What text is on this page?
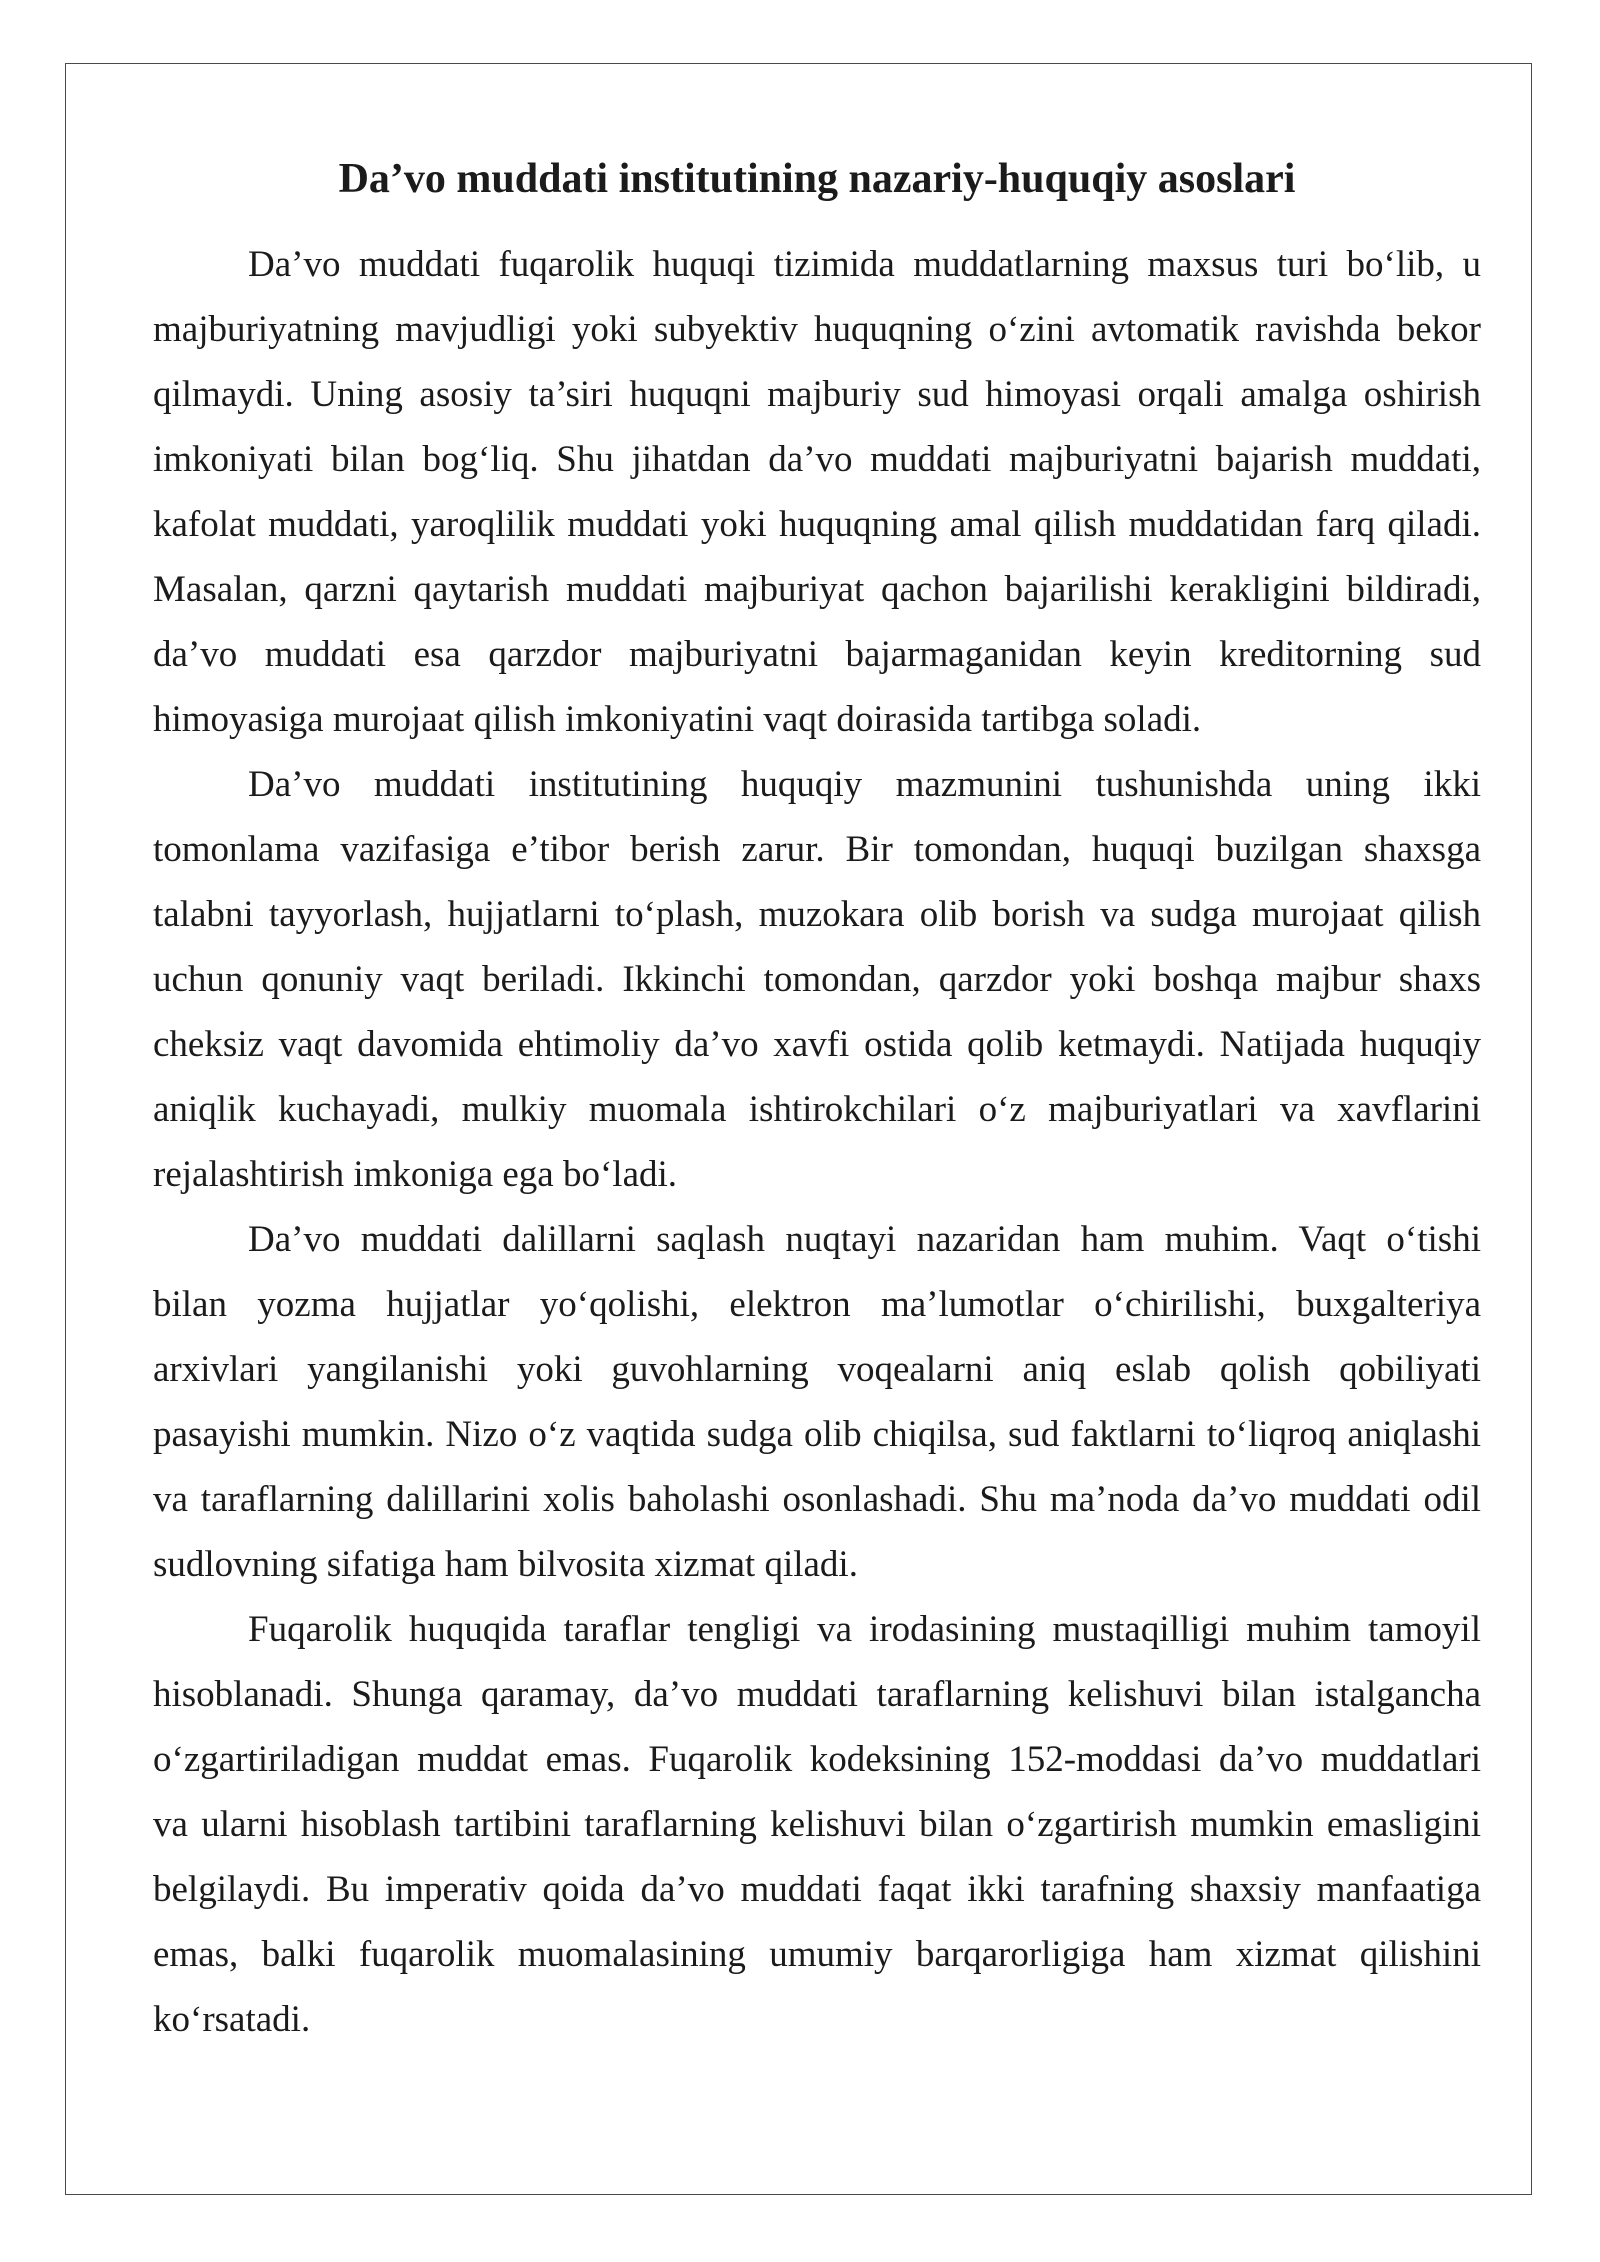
Da’vo muddati institutining nazariy-huquqiy asoslari
Da’vo muddati fuqarolik huquqi tizimida muddatlarning maxsus turi bo‘lib, u
majburiyatning mavjudligi yoki subyektiv huquqning o‘zini avtomatik ravishda bekor
qilmaydi. Uning asosiy ta’siri huquqni majburiy sud himoyasi orqali amalga oshirish
imkoniyati bilan bog‘liq. Shu jihatdan da’vo muddati majburiyatni bajarish muddati,
kafolat muddati, yaroqlilik muddati yoki huquqning amal qilish muddatidan farq qiladi.
Masalan, qarzni qaytarish muddati majburiyat qachon bajarilishi kerakligini bildiradi,
da’vo muddati esa qarzdor majburiyatni bajarmaganidan keyin kreditorning sud
himoyasiga murojaat qilish imkoniyatini vaqt doirasida tartibga soladi.
Da’vo muddati institutining huquqiy mazmunini tushunishda uning ikki
tomonlama vazifasiga e’tibor berish zarur. Bir tomondan, huquqi buzilgan shaxsga
talabni tayyorlash, hujjatlarni to‘plash, muzokara olib borish va sudga murojaat qilish
uchun qonuniy vaqt beriladi. Ikkinchi tomondan, qarzdor yoki boshqa majbur shaxs
cheksiz vaqt davomida ehtimoliy da’vo xavfi ostida qolib ketmaydi. Natijada huquqiy
aniqlik kuchayadi, mulkiy muomala ishtirokchilari o‘z majburiyatlari va xavflarini
rejalashtirish imkoniga ega bo‘ladi.
Da’vo muddati dalillarni saqlash nuqtayi nazaridan ham muhim. Vaqt o‘tishi
bilan yozma hujjatlar yo‘qolishi, elektron ma’lumotlar o‘chirilishi, buxgalteriya
arxivlari yangilanishi yoki guvohlarning voqealarni aniq eslab qolish qobiliyati
pasayishi mumkin. Nizo o‘z vaqtida sudga olib chiqilsa, sud faktlarni to‘liqroq aniqlashi
va taraflarning dalillarini xolis baholashi osonlashadi. Shu ma’noda da’vo muddati odil
sudlovning sifatiga ham bilvosita xizmat qiladi.
Fuqarolik huquqida taraflar tengligi va irodasining mustaqilligi muhim tamoyil
hisoblanadi. Shunga qaramay, da’vo muddati taraflarning kelishuvi bilan istalgancha
o‘zgartiriladigan muddat emas. Fuqarolik kodeksining 152-moddasi da’vo muddatlari
va ularni hisoblash tartibini taraflarning kelishuvi bilan o‘zgartirish mumkin emasligini
belgilaydi. Bu imperativ qoida da’vo muddati faqat ikki tarafning shaxsiy manfaatiga
emas, balki fuqarolik muomalasining umumiy barqarorligiga ham xizmat qilishini
ko‘rsatadi.
